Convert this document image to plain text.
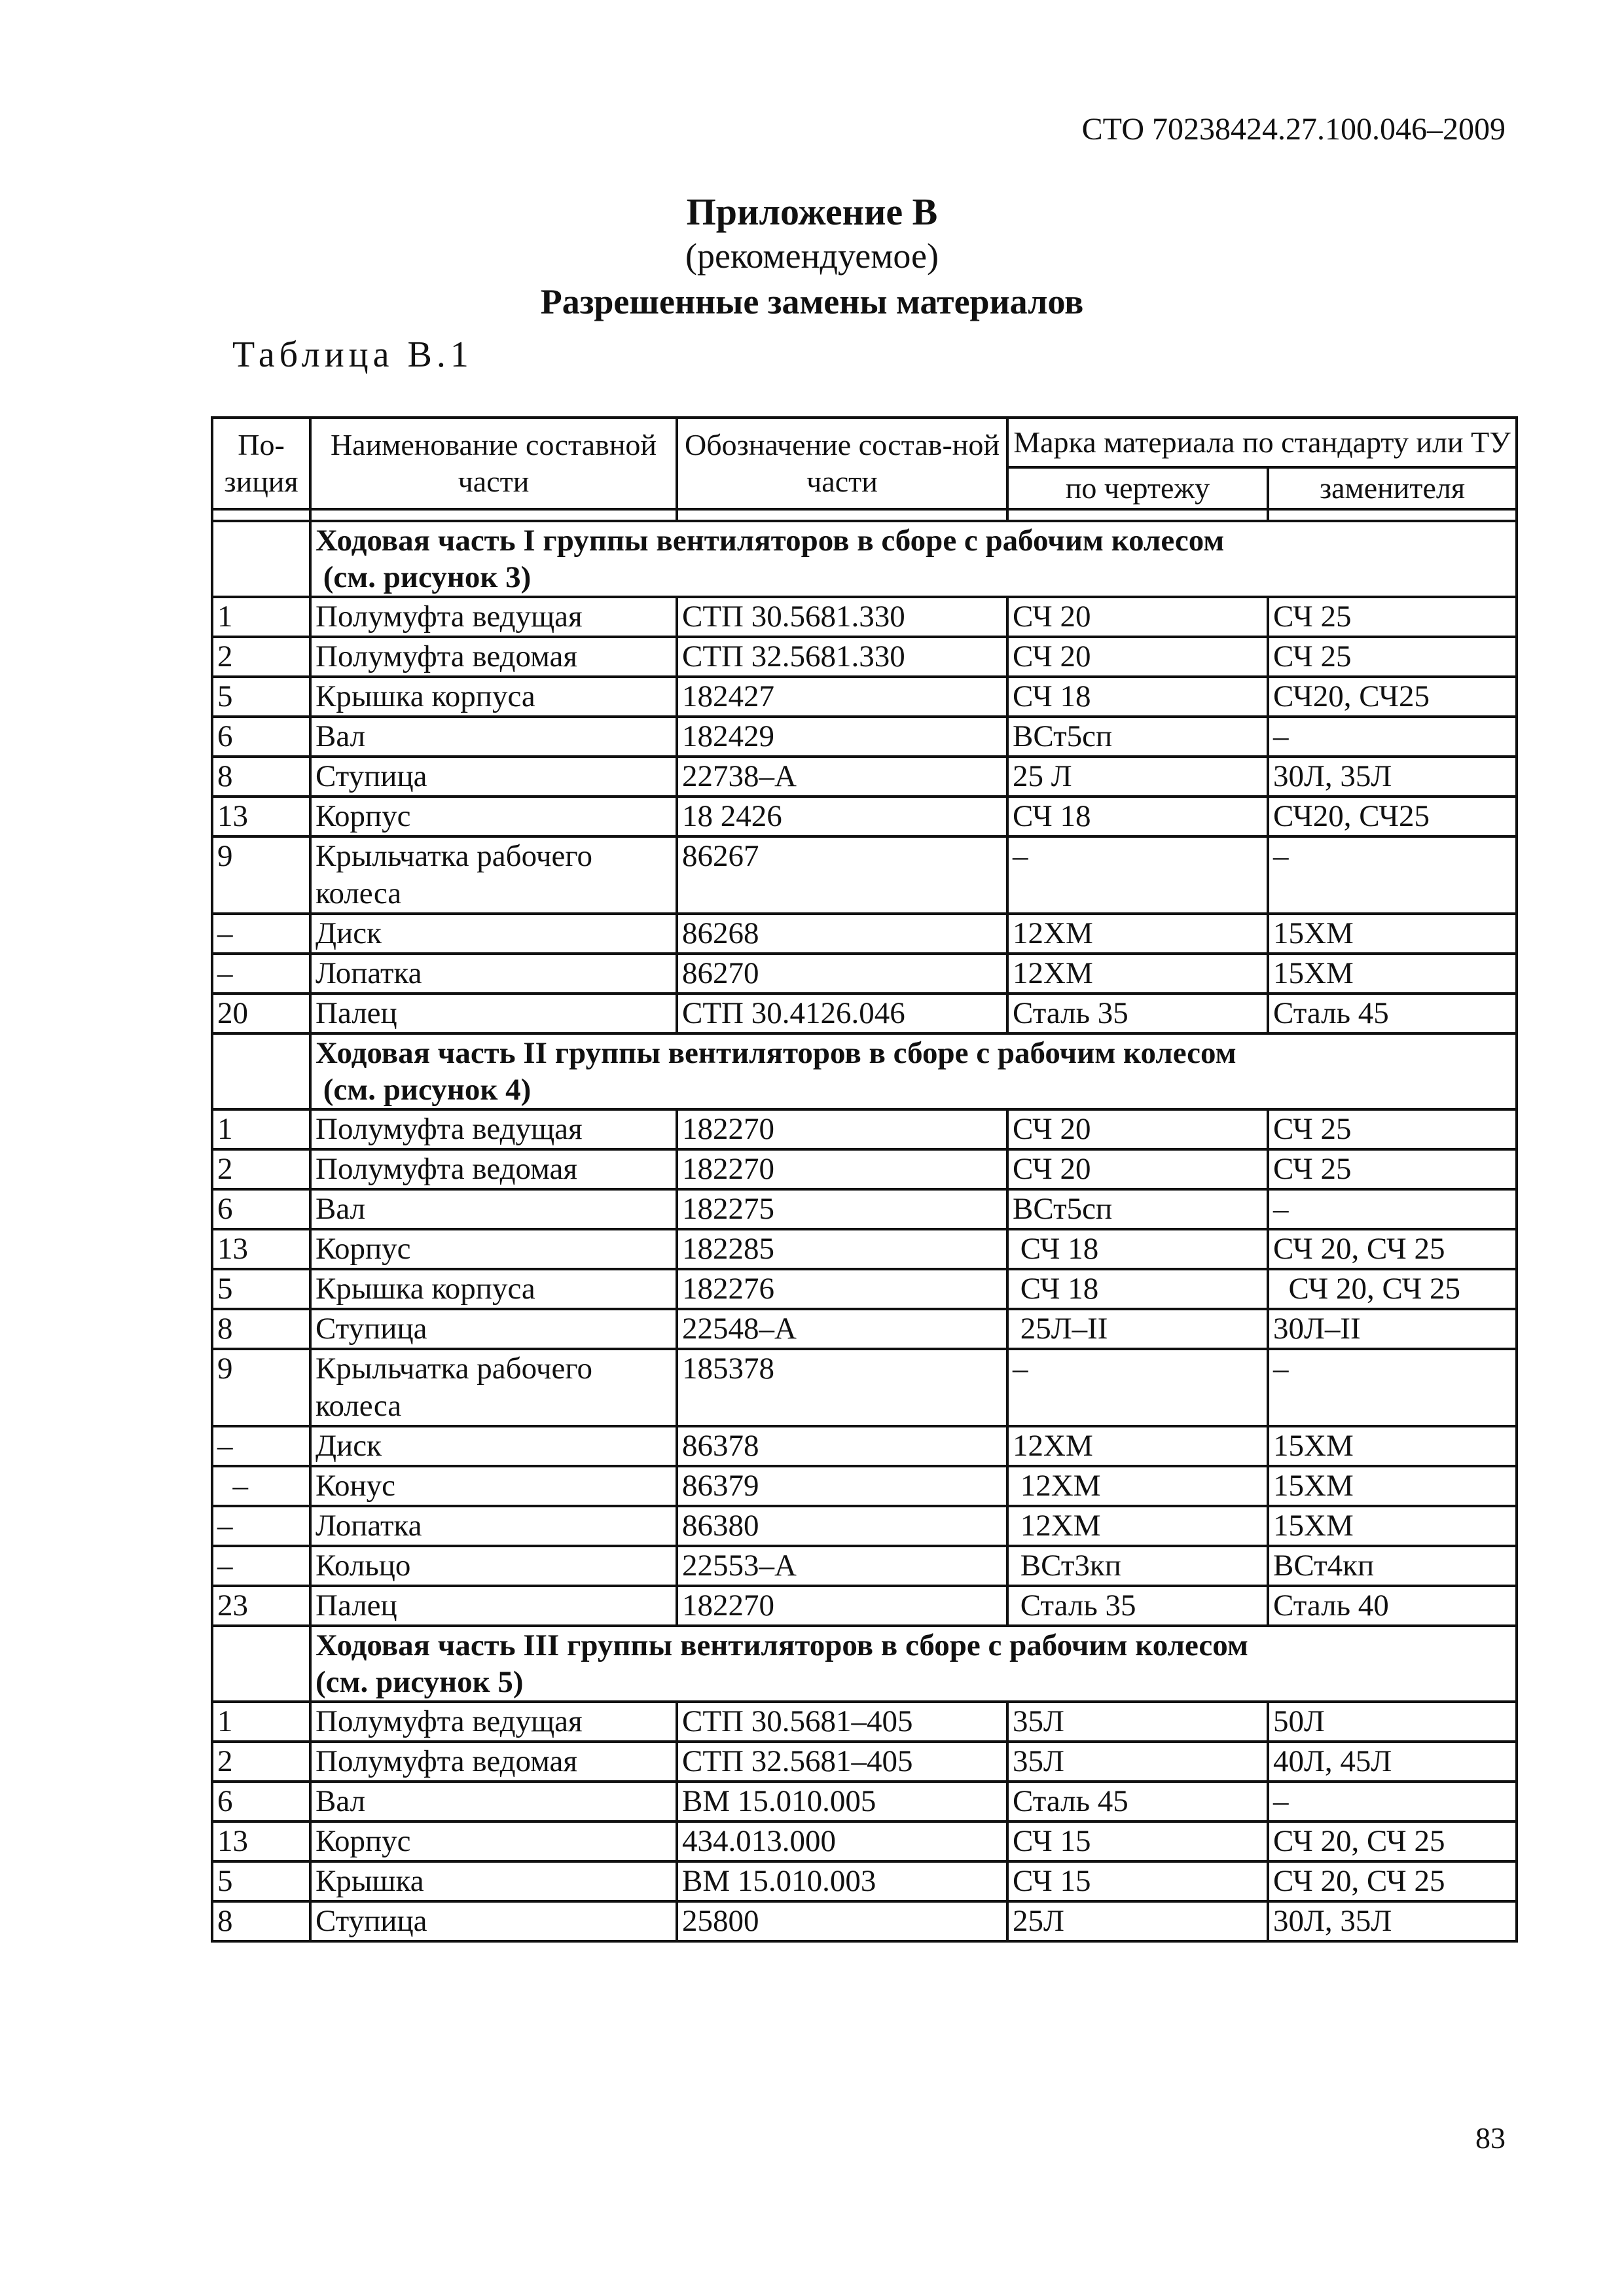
СТО 70238424.27.100.046–2009
Приложение В
(рекомендуемое)
Разрешенные замены материалов
Таблица В.1
По-
зиция	Наименование составной части	Обозначение состав-ной части	Марка материала по стандарту или ТУ	
			по чертежу	заменителя

	Ходовая часть I группы вентиляторов в сборе с рабочим колесом
(см. рисунок 3)			
1	Полумуфта ведущая	СТП 30.5681.330	СЧ 20	СЧ 25
2	Полумуфта ведомая	СТП 32.5681.330	СЧ 20	СЧ 25
5	Крышка корпуса	182427	СЧ 18	СЧ20, СЧ25
6	Вал	182429	ВСт5сп	–
8	Ступица	22738–А	25 Л	30Л, 35Л
13	Корпус	18 2426	СЧ 18	СЧ20, СЧ25
9	Крыльчатка рабочего колеса	86267	–	–
–	Диск	86268	12ХМ	15ХМ
–	Лопатка	86270	12ХМ	15ХМ
20	Палец	СТП 30.4126.046	Сталь 35	Сталь 45
	Ходовая часть II группы вентиляторов в сборе с рабочим колесом
(см. рисунок 4)			
1	Полумуфта ведущая	182270	СЧ 20	СЧ 25
2	Полумуфта ведомая	182270	СЧ 20	СЧ 25
6	Вал	182275	ВСт5сп	–
13	Корпус	182285	СЧ 18	СЧ 20, СЧ 25
5	Крышка корпуса	182276	СЧ 18	СЧ 20, СЧ 25
8	Ступица	22548–А	25Л–II	30Л–II
9	Крыльчатка рабочего колеса	185378	–	–
–	Диск	86378	12ХМ	15ХМ
–	Конус	86379	12ХМ	15ХМ
–	Лопатка	86380	12ХМ	15ХМ
–	Кольцо	22553–А	ВСт3кп	ВСт4кп
23	Палец	182270	Сталь 35	Сталь 40
	Ходовая часть III группы вентиляторов в сборе с рабочим колесом
(см. рисунок 5)			
1	Полумуфта ведущая	СТП 30.5681–405	35Л	50Л
2	Полумуфта ведомая	СТП 32.5681–405	35Л	40Л, 45Л
6	Вал	ВМ 15.010.005	Сталь 45	–
13	Корпус	434.013.000	СЧ 15	СЧ 20, СЧ 25
5	Крышка	ВМ 15.010.003	СЧ 15	СЧ 20, СЧ 25
8	Ступица	25800	25Л	30Л, 35Л
83
